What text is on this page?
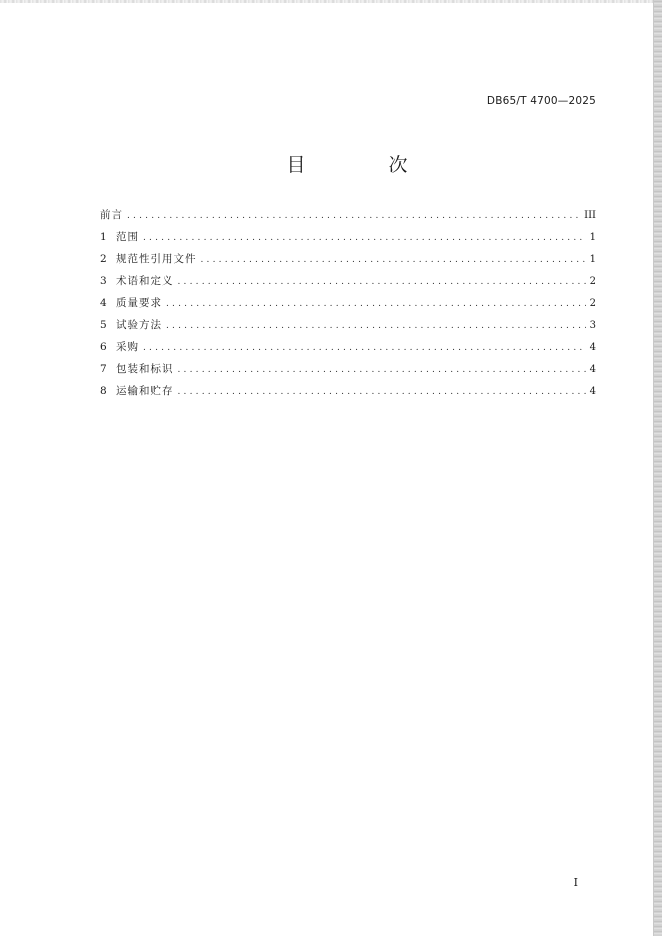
DB65/T 4700—2025
目　次
前言 .....	III
1 范围 .....	1
2 规范性引用文件 .....	1
3 术语和定义 .....	2
4 质量要求 .....	2
5 试验方法 .....	3
6 采购 .....	4
7 包装和标识 .....	4
8 运输和贮存 .....	4
I
